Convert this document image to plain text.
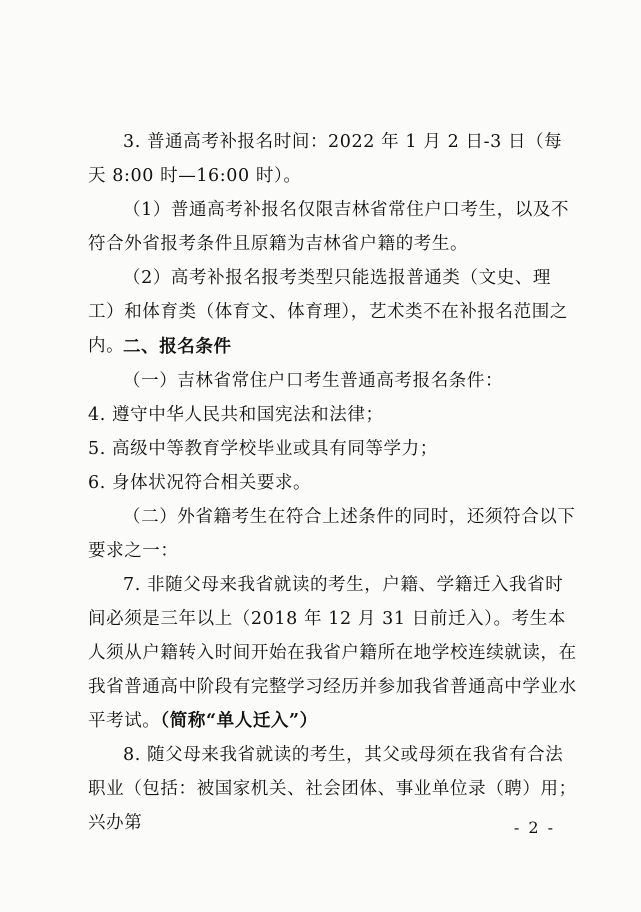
3. 普通高考补报名时间：2022 年 1 月 2 日-3 日（每天 8:00 时—16:00 时）。

（1）普通高考补报名仅限吉林省常住户口考生，以及不符合外省报考条件且原籍为吉林省户籍的考生。

（2）高考补报名报考类型只能选报普通类（文史、理工）和体育类（体育文、体育理），艺术类不在补报名范围之内。

二、报名条件

（一）吉林省常住户口考生普通高考报名条件：

4. 遵守中华人民共和国宪法和法律；

5. 高级中等教育学校毕业或具有同等学力；

6. 身体状况符合相关要求。

（二）外省籍考生在符合上述条件的同时，还须符合以下要求之一：

7. 非随父母来我省就读的考生，户籍、学籍迁入我省时间必须是三年以上（2018 年 12 月 31 日前迁入）。考生本人须从户籍转入时间开始在我省户籍所在地学校连续就读，在我省普通高中阶段有完整学习经历并参加我省普通高中学业水平考试。（简称“单人迁入”）

8. 随父母来我省就读的考生，其父或母须在我省有合法职业（包括：被国家机关、社会团体、事业单位录（聘）用；兴办第	- 2 -
